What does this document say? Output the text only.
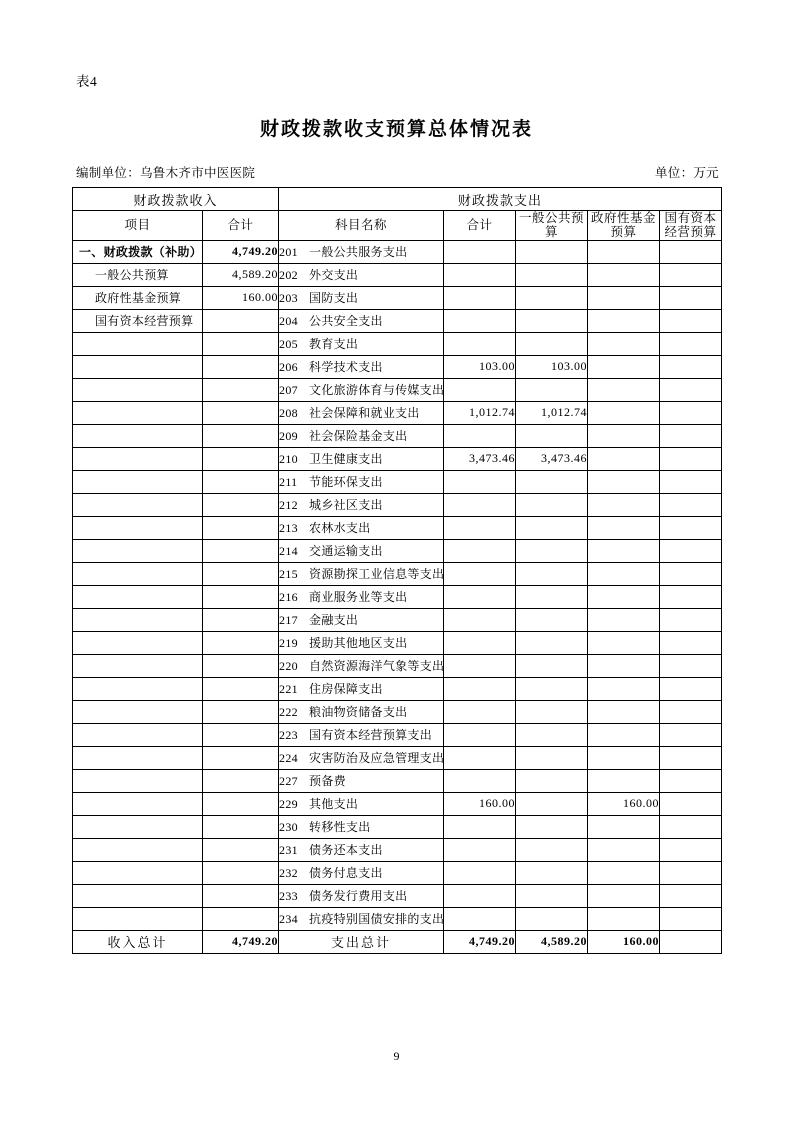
表4
财政拨款收支预算总体情况表
编制单位：乌鲁木齐市中医医院	单位：万元
财政拨款收入		财政拨款支出				
项目	合计	科目名称	合计	一般公共预算	政府性基金预算	国有资本经营预算
一、财政拨款（补助）	4,749.20	201 一般公共服务支出				
一般公共预算	4,589.20	202 外交支出				
政府性基金预算	160.00	203 国防支出				
国有资本经营预算		204 公共安全支出				
		205 教育支出				
		206 科学技术支出	103.00	103.00		
		207 文化旅游体育与传媒支出				
		208 社会保障和就业支出	1,012.74	1,012.74		
		209 社会保险基金支出				
		210 卫生健康支出	3,473.46	3,473.46		
		211 节能环保支出				
		212 城乡社区支出				
		213 农林水支出				
		214 交通运输支出				
		215 资源勘探工业信息等支出				
		216 商业服务业等支出				
		217 金融支出				
		219 援助其他地区支出				
		220 自然资源海洋气象等支出				
		221 住房保障支出				
		222 粮油物资储备支出				
		223 国有资本经营预算支出				
		224 灾害防治及应急管理支出				
		227 预备费				
		229 其他支出	160.00		160.00	
		230 转移性支出				
		231 债务还本支出				
		232 债务付息支出				
		233 债务发行费用支出				
		234 抗疫特别国债安排的支出				
收入总计	4,749.20	支出总计	4,749.20	4,589.20	160.00	
9
